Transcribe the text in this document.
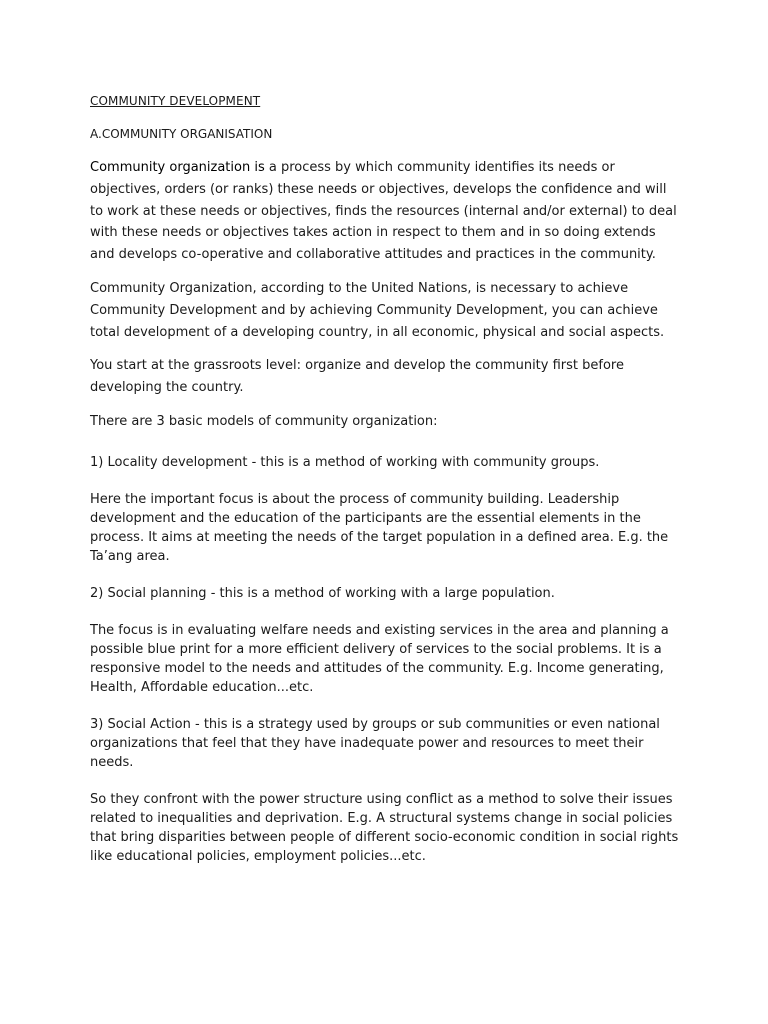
COMMUNITY DEVELOPMENT
A.COMMUNITY ORGANISATION

Community organization is a process by which community identifies its needs or objectives, orders (or ranks) these needs or objectives, develops the confidence and will to work at these needs or objectives, finds the resources (internal and/or external) to deal with these needs or objectives takes action in respect to them and in so doing extends and develops co-operative and collaborative attitudes and practices in the community.

Community Organization, according to the United Nations, is necessary to achieve Community Development and by achieving Community Development, you can achieve total development of a developing country, in all economic, physical and social aspects.

You start at the grassroots level: organize and develop the community first before developing the country.

There are 3 basic models of community organization:

1) Locality development - this is a method of working with community groups.

Here the important focus is about the process of community building. Leadership development and the education of the participants are the essential elements in the process. It aims at meeting the needs of the target population in a defined area. E.g. the Ta’ang area.

2) Social planning - this is a method of working with a large population.

The focus is in evaluating welfare needs and existing services in the area and planning a possible blue print for a more efficient delivery of services to the social problems. It is a responsive model to the needs and attitudes of the community. E.g. Income generating, Health, Affordable education...etc.

3) Social Action - this is a strategy used by groups or sub communities or even national organizations that feel that they have inadequate power and resources to meet their needs.

So they confront with the power structure using conflict as a method to solve their issues related to inequalities and deprivation. E.g. A structural systems change in social policies that bring disparities between people of different socio-economic condition in social rights like educational policies, employment policies...etc.
